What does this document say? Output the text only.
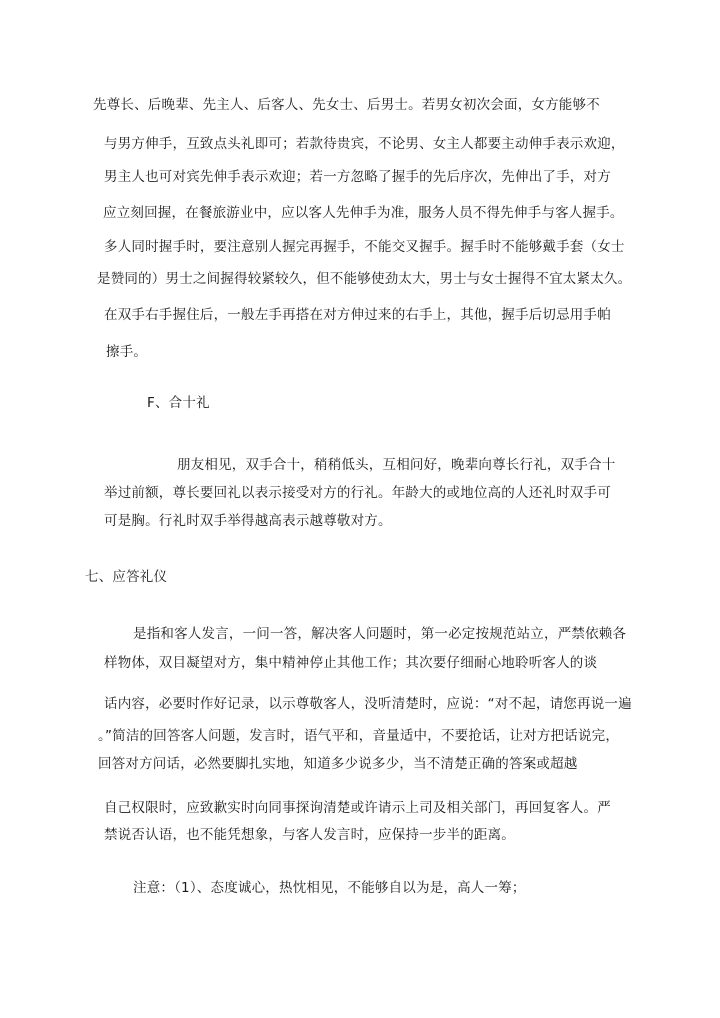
先尊长、后晚辈、先主人、后客人、先女士、后男士。若男女初次会面，女方能够不
与男方伸手，互致点头礼即可；若款待贵宾，不论男、女主人都要主动伸手表示欢迎，
男主人也可对宾先伸手表示欢迎；若一方忽略了握手的先后序次，先伸出了手，对方
应立刻回握，在餐旅游业中，应以客人先伸手为准，服务人员不得先伸手与客人握手。
多人同时握手时，要注意别人握完再握手，不能交叉握手。握手时不能够戴手套（女士
是赞同的）男士之间握得较紧较久，但不能够使劲太大，男士与女士握得不宜太紧太久。
在双手右手握住后，一般左手再搭在对方伸过来的右手上，其他，握手后切忌用手帕
擦手。
F、合十礼
朋友相见，双手合十，稍稍低头，互相问好，晚辈向尊长行礼，双手合十
举过前额，尊长要回礼以表示接受对方的行礼。年龄大的或地位高的人还礼时双手可
可是胸。行礼时双手举得越高表示越尊敬对方。
七、应答礼仪
是指和客人发言，一问一答，解决客人问题时，第一必定按规范站立，严禁依赖各
样物体，双目凝望对方，集中精神停止其他工作；其次要仔细耐心地聆听客人的谈
话内容，必要时作好记录，以示尊敬客人，没听清楚时，应说：“对不起，请您再说一遍
。”简洁的回答客人问题，发言时，语气平和，音量适中，不要抢话，让对方把话说完，
回答对方问话，必然要脚扎实地，知道多少说多少，当不清楚正确的答案或超越
自己权限时，应致歉实时向同事探询清楚或许请示上司及相关部门，再回复客人。严
禁说否认语，也不能凭想象，与客人发言时，应保持一步半的距离。
注意：（1）、态度诚心，热忱相见，不能够自以为是，高人一筹；
